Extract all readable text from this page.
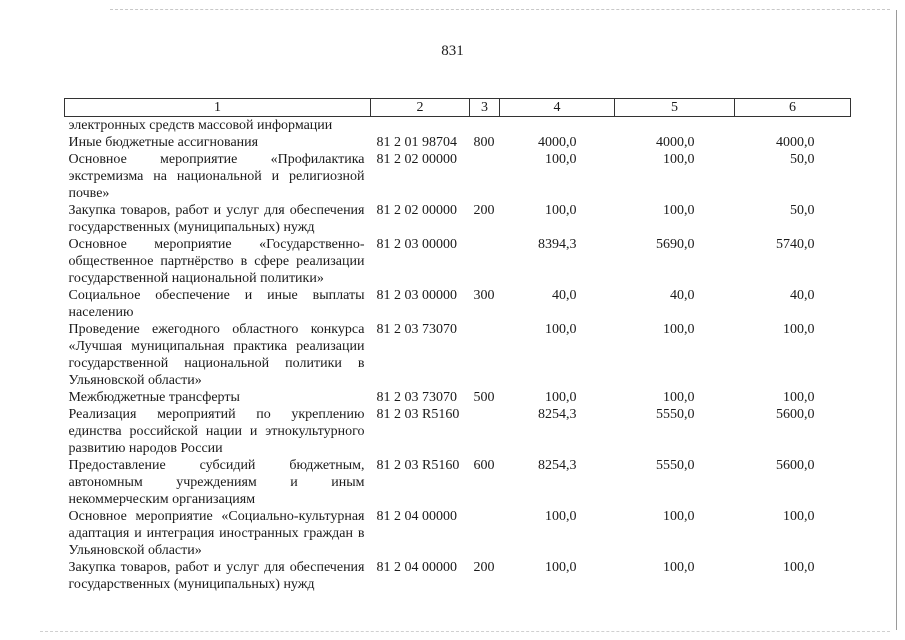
831
1	2	3	4	5	6
электронных средств массовой информации					
Иные бюджетные ассигнования	81 2 01 98704	800	4000,0	4000,0	4000,0
Основное мероприятие «Профилактика экстремизма на национальной и религиозной почве»	81 2 02 00000		100,0	100,0	50,0
Закупка товаров, работ и услуг для обеспечения государственных (муниципальных) нужд	81 2 02 00000	200	100,0	100,0	50,0
Основное мероприятие «Государственно-общественное партнёрство в сфере реализации государственной национальной политики»	81 2 03 00000		8394,3	5690,0	5740,0
Социальное обеспечение и иные выплаты населению	81 2 03 00000	300	40,0	40,0	40,0
Проведение ежегодного областного конкурса «Лучшая муниципальная практика реализации государственной национальной политики в Ульяновской области»	81 2 03 73070		100,0	100,0	100,0
Межбюджетные трансферты	81 2 03 73070	500	100,0	100,0	100,0
Реализация мероприятий по укреплению единства российской нации и этнокультурного развитию народов России	81 2 03 R5160		8254,3	5550,0	5600,0
Предоставление субсидий бюджетным, автономным учреждениям и иным некоммерческим организациям	81 2 03 R5160	600	8254,3	5550,0	5600,0
Основное мероприятие «Социально-культурная адаптация и интеграция иностранных граждан в Ульяновской области»	81 2 04 00000		100,0	100,0	100,0
Закупка товаров, работ и услуг для обеспечения государственных (муниципальных) нужд	81 2 04 00000	200	100,0	100,0	100,0
